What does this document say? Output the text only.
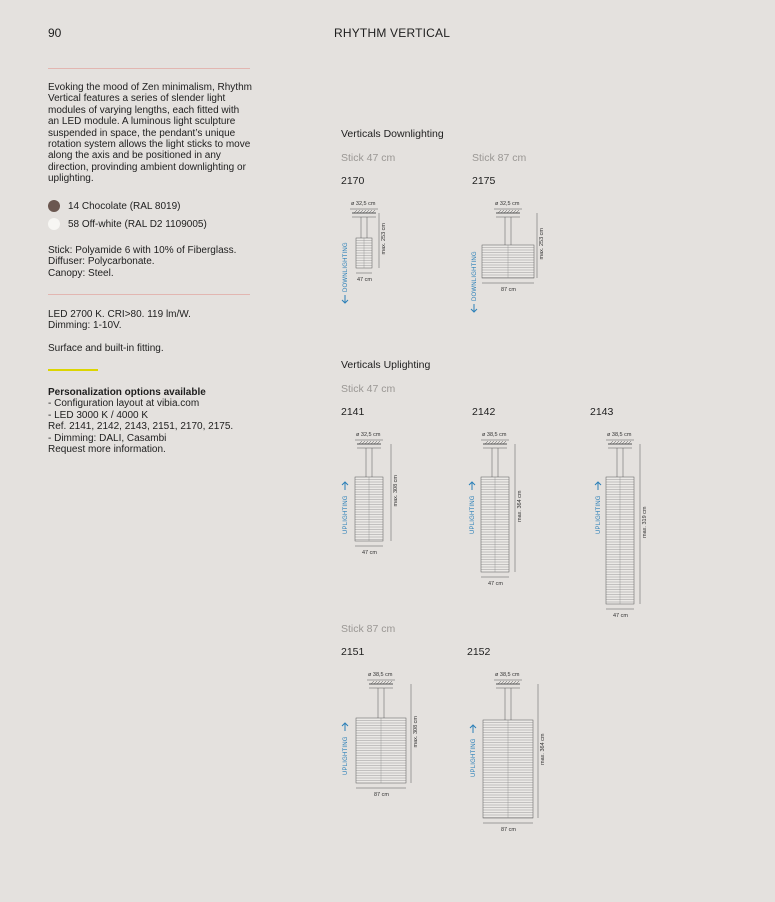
90	RHYTHM VERTICAL
Evoking the mood of Zen minimalism, Rhythm Vertical features a series of slender light modules of varying lengths, each fitted with an LED module. A luminous light sculpture suspended in space, the pendant’s unique rotation system allows the light sticks to move along the axis and be positioned in any direction, provinding ambient downlighting or uplighting.
14 Chocolate (RAL 8019)
58 Off-white (RAL D2 1109005)
Stick: Polyamide 6 with 10% of Fiberglass.
Diffuser: Polycarbonate.
Canopy: Steel.
LED 2700 K. CRI>80. 119 lm/W.
Dimming: 1-10V.
Surface and built-in fitting.
Personalization options available
- Configuration layout at vibia.com
- LED 3000 K / 4000 K
Ref. 2141, 2142, 2143, 2151, 2170, 2175.
- Dimming: DALI, Casambi
Request more information.
Verticals Downlighting
Stick 47 cm	Stick 87 cm
2170	2175
Verticals Uplighting
Stick 47 cm
2141	2142	2143
Stick 87 cm
2151	2152
ø 32,5 cm
47 cm
max. 253 cm
DOWNLIGHTING
ø 32,5 cm
87 cm
max. 253 cm
DOWNLIGHTING
ø 32,5 cm
47 cm
max. 308 cm
UPLIGHTING
ø 38,5 cm
47 cm
max. 364 cm
UPLIGHTING
ø 38,5 cm
47 cm
max. 319 cm
UPLIGHTING
ø 38,5 cm
87 cm
max. 308 cm
UPLIGHTING
ø 38,5 cm
87 cm
max. 364 cm
UPLIGHTING
